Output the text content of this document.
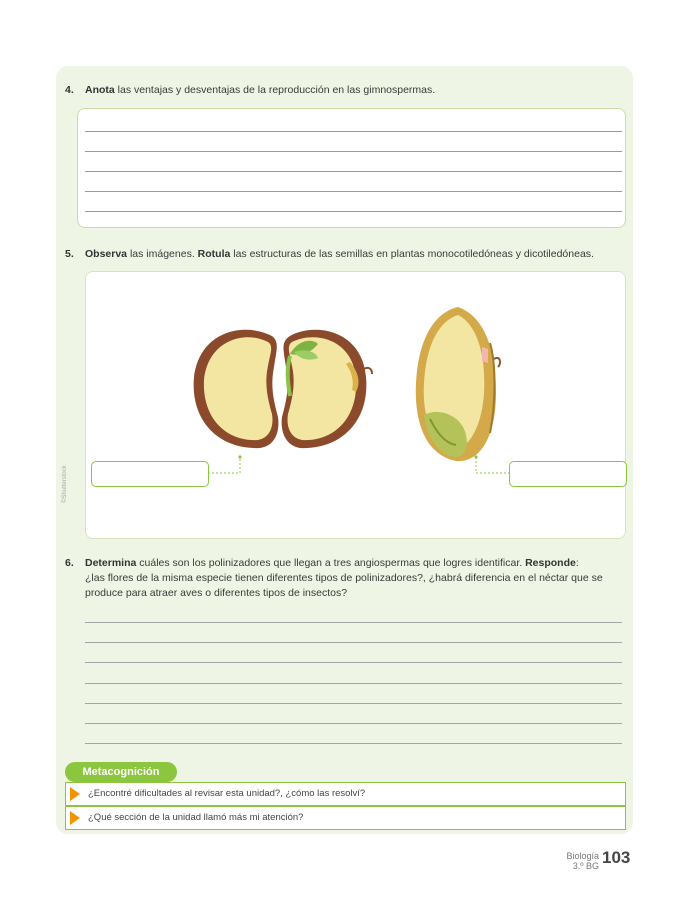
4. Anota las ventajas y desventajas de la reproducción en las gimnospermas.
5. Observa las imágenes. Rotula las estructuras de las semillas en plantas monocotiledóneas y dicotiledóneas.
©Shutterstock
6. Determina cuáles son los polinizadores que llegan a tres angiospermas que logres identificar. Responde:
¿las flores de la misma especie tienen diferentes tipos de polinizadores?, ¿habrá diferencia en el néctar que se
produce para atraer aves o diferentes tipos de insectos?
Metacognición
¿Encontré dificultades al revisar esta unidad?, ¿cómo las resolví?
¿Qué sección de la unidad llamó más mi atención?
Biología
3.º BG 103
